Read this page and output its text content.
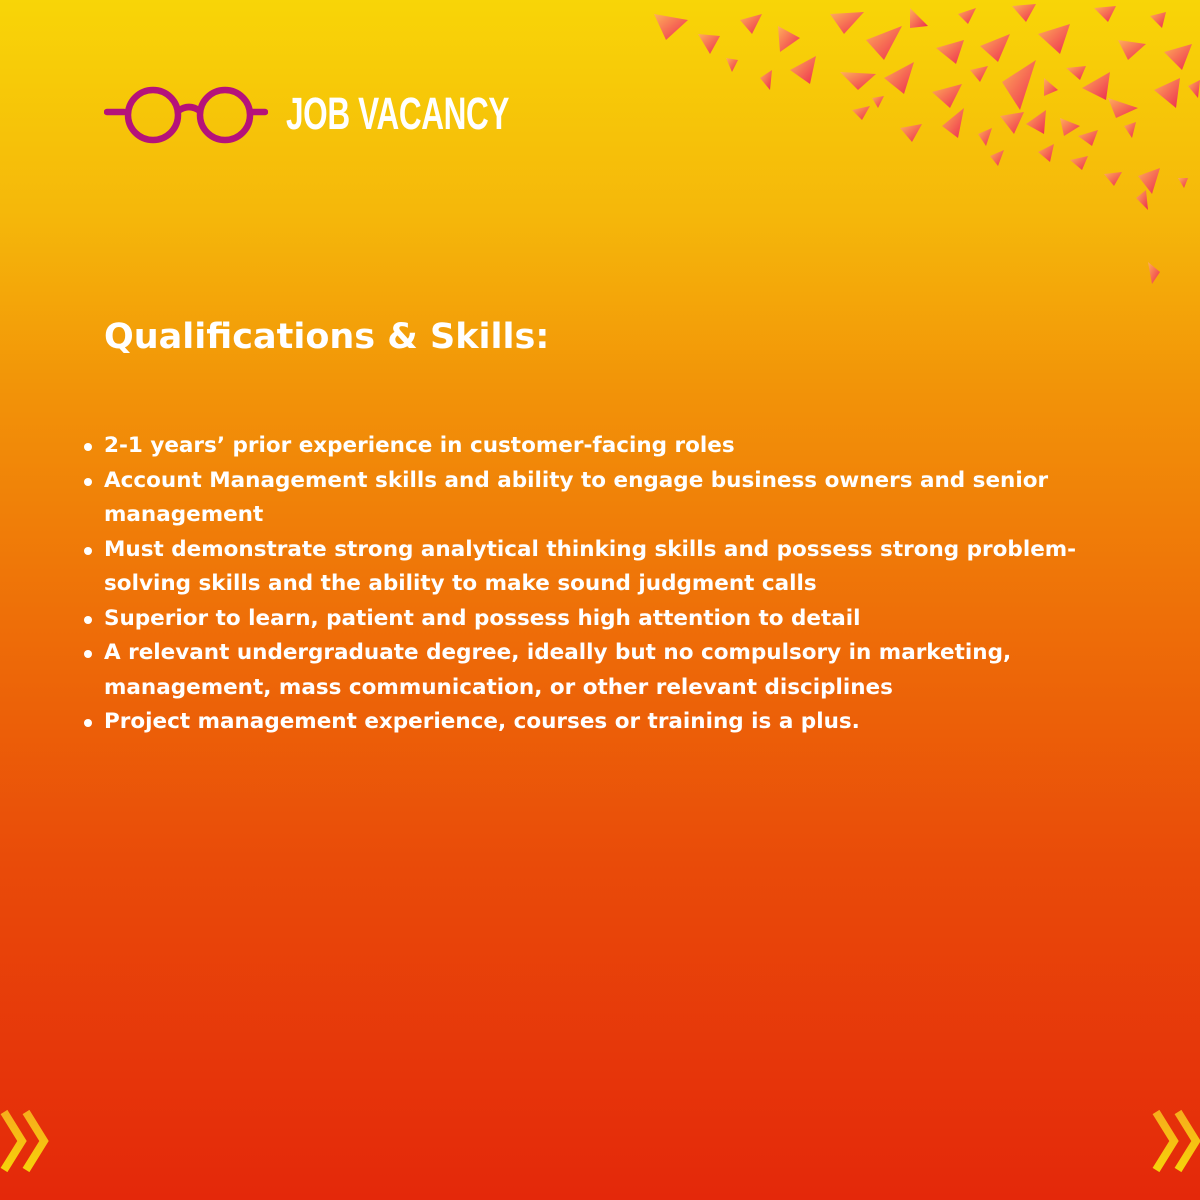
JOB VACANCY
Qualifications & Skills:
2-1 years’ prior experience in customer-facing roles
Account Management skills and ability to engage business owners and senior management
Must demonstrate strong analytical thinking skills and possess strong problem-solving skills and the ability to make sound judgment calls
Superior to learn, patient and possess high attention to detail
A relevant undergraduate degree, ideally but no compulsory in marketing, management, mass communication, or other relevant disciplines
Project management experience, courses or training is a plus.
